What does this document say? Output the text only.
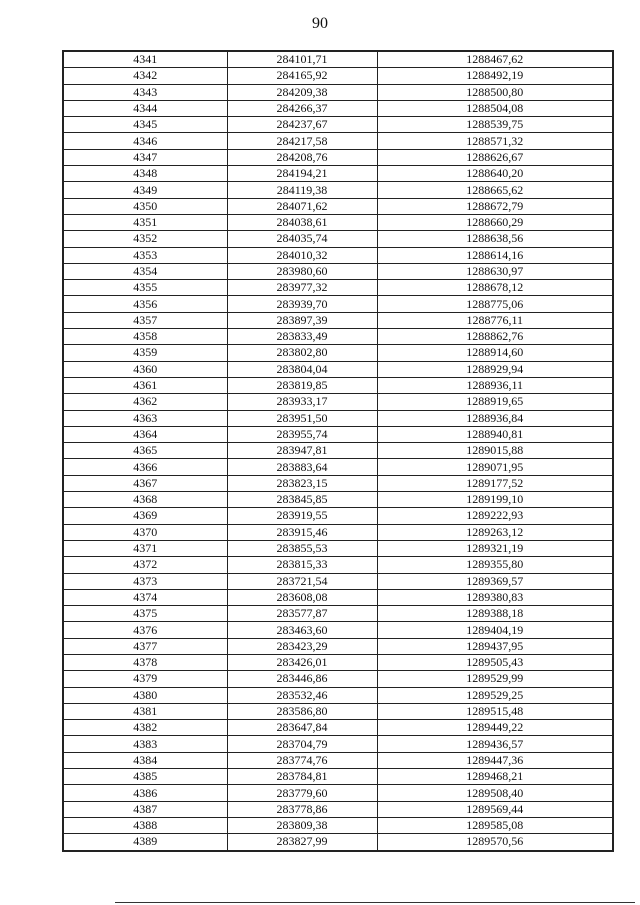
90
4341	284101,71	1288467,62
4342	284165,92	1288492,19
4343	284209,38	1288500,80
4344	284266,37	1288504,08
4345	284237,67	1288539,75
4346	284217,58	1288571,32
4347	284208,76	1288626,67
4348	284194,21	1288640,20
4349	284119,38	1288665,62
4350	284071,62	1288672,79
4351	284038,61	1288660,29
4352	284035,74	1288638,56
4353	284010,32	1288614,16
4354	283980,60	1288630,97
4355	283977,32	1288678,12
4356	283939,70	1288775,06
4357	283897,39	1288776,11
4358	283833,49	1288862,76
4359	283802,80	1288914,60
4360	283804,04	1288929,94
4361	283819,85	1288936,11
4362	283933,17	1288919,65
4363	283951,50	1288936,84
4364	283955,74	1288940,81
4365	283947,81	1289015,88
4366	283883,64	1289071,95
4367	283823,15	1289177,52
4368	283845,85	1289199,10
4369	283919,55	1289222,93
4370	283915,46	1289263,12
4371	283855,53	1289321,19
4372	283815,33	1289355,80
4373	283721,54	1289369,57
4374	283608,08	1289380,83
4375	283577,87	1289388,18
4376	283463,60	1289404,19
4377	283423,29	1289437,95
4378	283426,01	1289505,43
4379	283446,86	1289529,99
4380	283532,46	1289529,25
4381	283586,80	1289515,48
4382	283647,84	1289449,22
4383	283704,79	1289436,57
4384	283774,76	1289447,36
4385	283784,81	1289468,21
4386	283779,60	1289508,40
4387	283778,86	1289569,44
4388	283809,38	1289585,08
4389	283827,99	1289570,56
